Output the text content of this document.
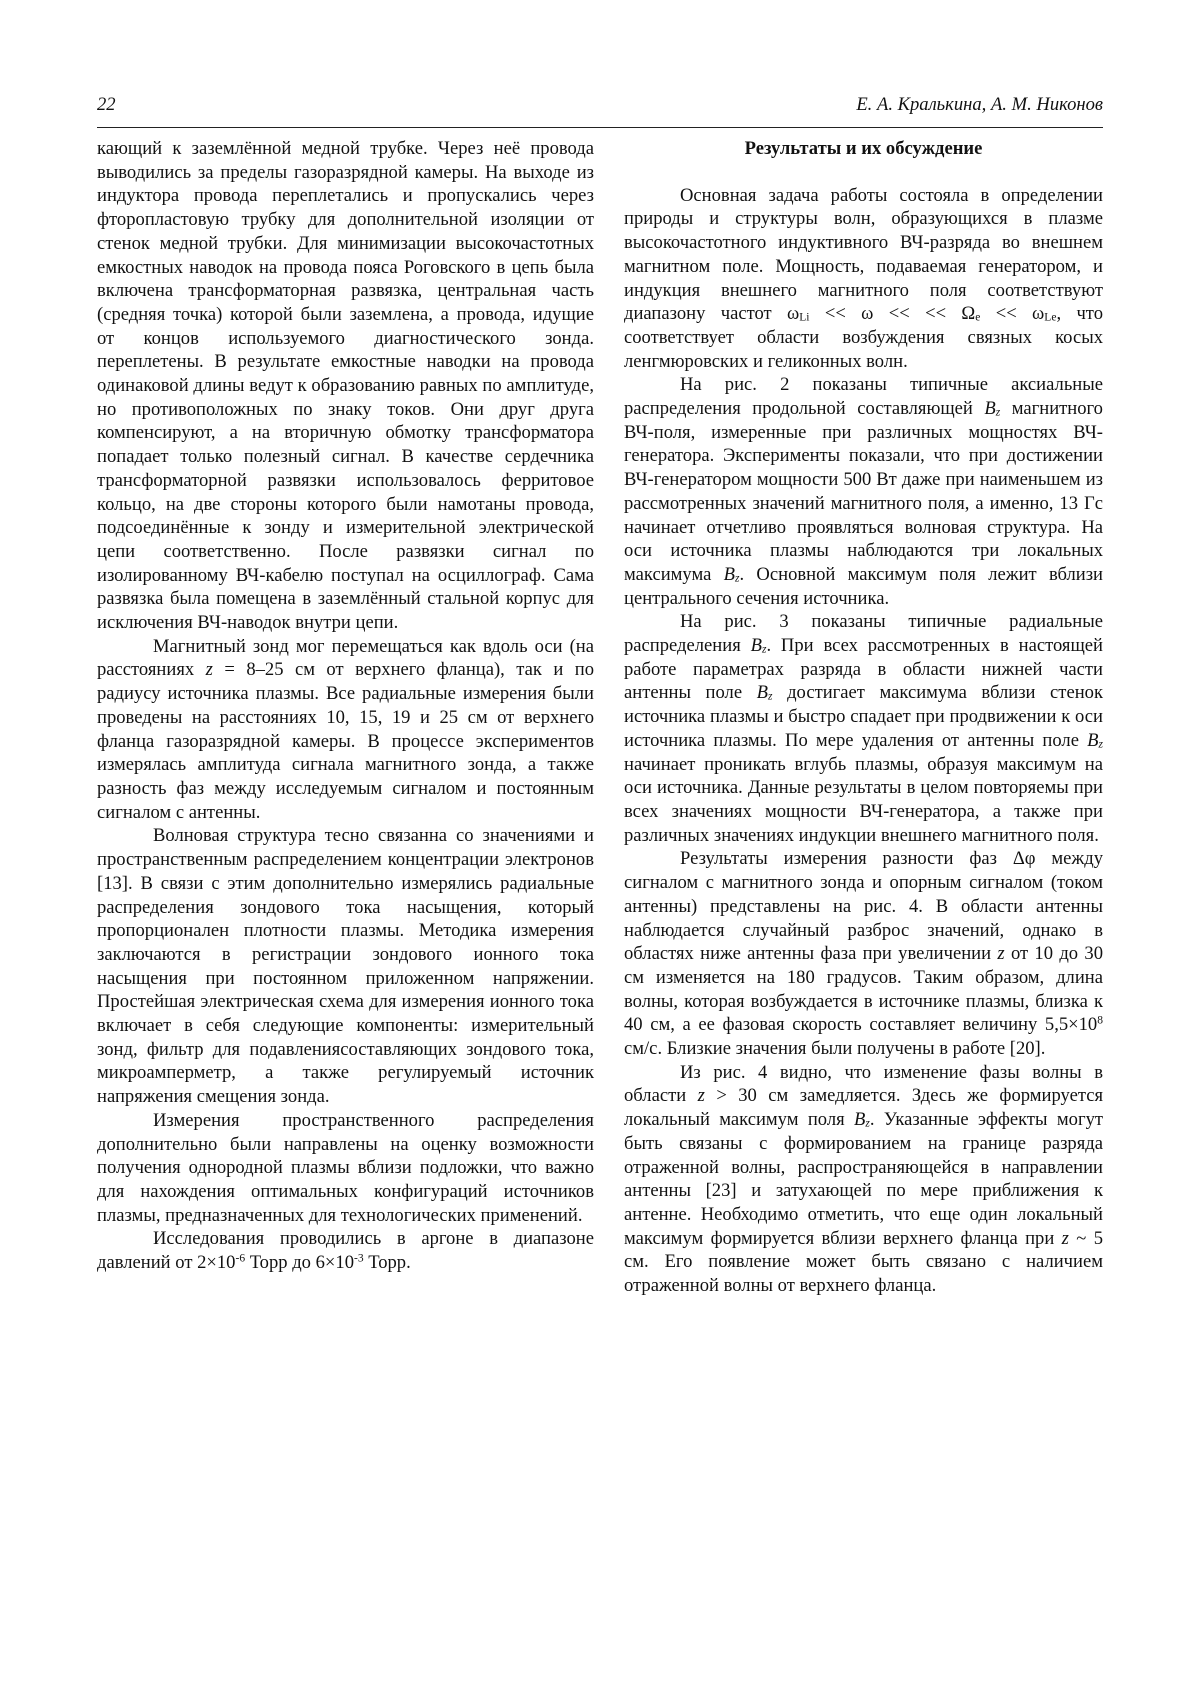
22	Е. А. Кралькина, А. М. Никонов

кающий к заземлённой медной трубке. Через неё провода выводились за пределы газоразрядной камеры. На выходе из индуктора провода переплетались и пропускались через фторопластовую трубку для дополнительной изоляции от стенок медной трубки. Для минимизации высокочастотных емкостных наводок на провода пояса Роговского в цепь была включена трансформаторная развязка, центральная часть (средняя точка) которой были заземлена, а провода, идущие от концов используемого диагностического зонда. переплетены. В результате емкостные наводки на провода одинаковой длины ведут к образованию равных по амплитуде, но противоположных по знаку токов. Они друг друга компенсируют, а на вторичную обмотку трансформатора попадает только полезный сигнал. В качестве сердечника трансформаторной развязки использовалось ферритовое кольцо, на две стороны которого были намотаны провода, подсоединённые к зонду и измерительной электрической цепи соответственно. После развязки сигнал по изолированному ВЧ-кабелю поступал на осциллограф. Сама развязка была помещена в заземлённый стальной корпус для исключения ВЧ-наводок внутри цепи.

Магнитный зонд мог перемещаться как вдоль оси (на расстояниях z = 8–25 см от верхнего фланца), так и по радиусу источника плазмы. Все радиальные измерения были проведены на расстояниях 10, 15, 19 и 25 см от верхнего фланца газоразрядной камеры. В процессе экспериментов измерялась амплитуда сигнала магнитного зонда, а также разность фаз между исследуемым сигналом и постоянным сигналом с антенны.

Волновая структура тесно связанна со значениями и пространственным распределением концентрации электронов [13]. В связи с этим дополнительно измерялись радиальные распределения зондового тока насыщения, который пропорционален плотности плазмы. Методика измерения заключаются в регистрации зондового ионного тока насыщения при постоянном приложенном напряжении. Простейшая электрическая схема для измерения ионного тока включает в себя следующие компоненты: измерительный зонд, фильтр для подавлениясоставляющих зондового тока, микроамперметр, а также регулируемый источник напряжения смещения зонда.

Измерения пространственного распределения дополнительно были направлены на оценку возможности получения однородной плазмы вблизи подложки, что важно для нахождения оптимальных конфигураций источников плазмы, предназначенных для технологических применений.

Исследования проводились в аргоне в диапазоне давлений от $2\times 10^{-6}$ Торр до $6\times 10^{-3}$ Торр.

Результаты и их обсуждение

Основная задача работы состояла в определении природы и структуры волн, образующихся в плазме высокочастотного индуктивного ВЧ-разряда во внешнем магнитном поле. Мощность, подаваемая генератором, и индукция внешнего магнитного поля соответствуют диапазону частот $\omega_{Li} << \omega$ << << $\Omega_e << \omega_{Le}$, что соответствует области возбуждения связных косых ленгмюровских и геликонных волн.

На рис. 2 показаны типичные аксиальные распределения продольной составляющей $B_z$ магнитного ВЧ-поля, измеренные при различных мощностях ВЧ-генератора. Эксперименты показали, что при достижении ВЧ-генератором мощности 500 Вт даже при наименьшем из рассмотренных значений магнитного поля, а именно, 13 Гс начинает отчетливо проявляться волновая структура. На оси источника плазмы наблюдаются три локальных максимума $B_z$. Основной максимум поля лежит вблизи центрального сечения источника.

На рис. 3 показаны типичные радиальные распределения $B_z$. При всех рассмотренных в настоящей работе параметрах разряда в области нижней части антенны поле $B_z$ достигает максимума вблизи стенок источника плазмы и быстро спадает при продвижении к оси источника плазмы. По мере удаления от антенны поле $B_z$ начинает проникать вглубь плазмы, образуя максимум на оси источника. Данные результаты в целом повторяемы при всех значениях мощности ВЧ-генератора, а также при различных значениях индукции внешнего магнитного поля.

Результаты измерения разности фаз Δφ между сигналом с магнитного зонда и опорным сигналом (током антенны) представлены на рис. 4. В области антенны наблюдается случайный разброс значений, однако в областях ниже антенны фаза при увеличении z от 10 до 30 см изменяется на 180 градусов. Таким образом, длина волны, которая возбуждается в источнике плазмы, близка к 40 см, а ее фазовая скорость составляет величину $5,5\times 10^8$ см/с. Близкие значения были получены в работе [20].

Из рис. 4 видно, что изменение фазы волны в области z > 30 см замедляется. Здесь же формируется локальный максимум поля $B_z$. Указанные эффекты могут быть связаны с формированием на границе разряда отраженной волны, распространяющейся в направлении антенны [23] и затухающей по мере приближения к антенне. Необходимо отметить, что еще один локальный максимум формируется вблизи верхнего фланца при z ~ 5 см. Его появление может быть связано с наличием отраженной волны от верхнего фланца.
